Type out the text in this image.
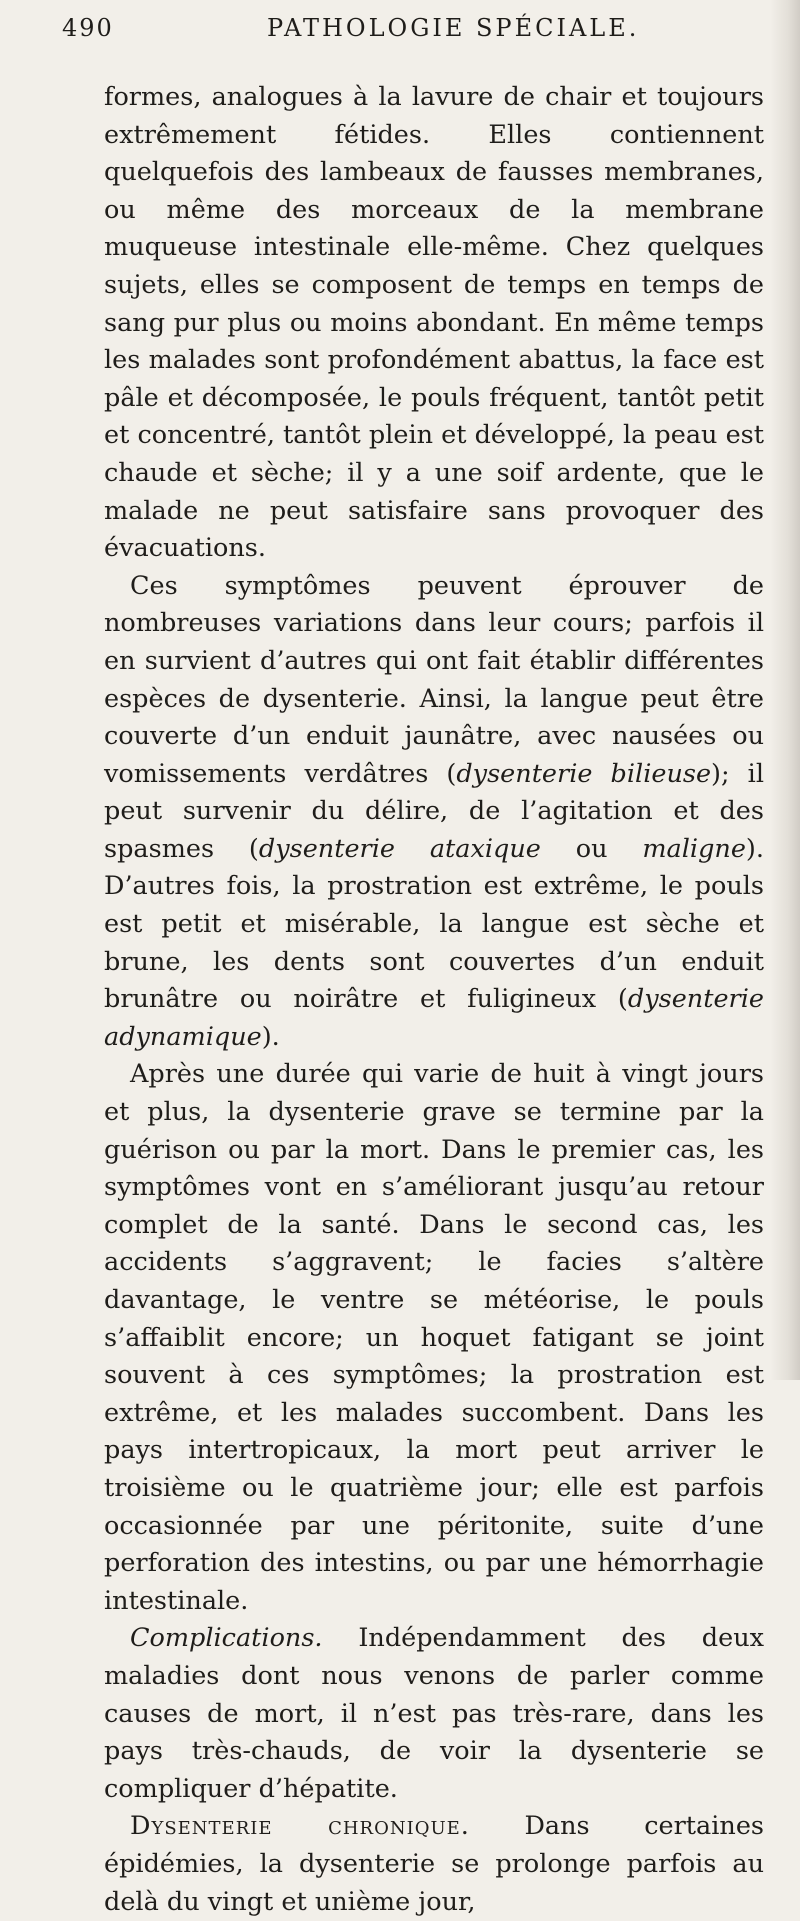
490	PATHOLOGIE SPÉCIALE.

formes, analogues à la lavure de chair et toujours extrêmement fétides. Elles contiennent quelquefois des lambeaux de fausses membranes, ou même des morceaux de la membrane muqueuse intestinale elle-même. Chez quelques sujets, elles se composent de temps en temps de sang pur plus ou moins abondant. En même temps les malades sont profondément abattus, la face est pâle et décomposée, le pouls fréquent, tantôt petit et concentré, tantôt plein et développé, la peau est chaude et sèche; il y a une soif ardente, que le malade ne peut satisfaire sans provoquer des évacuations.

Ces symptômes peuvent éprouver de nombreuses variations dans leur cours; parfois il en survient d’autres qui ont fait établir différentes espèces de dysenterie. Ainsi, la langue peut être couverte d’un enduit jaunâtre, avec nausées ou vomissements verdâtres (dysenterie bilieuse); il peut survenir du délire, de l’agitation et des spasmes (dysenterie ataxique ou maligne). D’autres fois, la prostration est extrême, le pouls est petit et misérable, la langue est sèche et brune, les dents sont couvertes d’un enduit brunâtre ou noirâtre et fuligineux (dysenterie adynamique).

Après une durée qui varie de huit à vingt jours et plus, la dysenterie grave se termine par la guérison ou par la mort. Dans le premier cas, les symptômes vont en s’améliorant jusqu’au retour complet de la santé. Dans le second cas, les accidents s’aggravent; le facies s’altère davantage, le ventre se météorise, le pouls s’affaiblit encore; un hoquet fatigant se joint souvent à ces symptômes; la prostration est extrême, et les malades succombent. Dans les pays intertropicaux, la mort peut arriver le troisième ou le quatrième jour; elle est parfois occasionnée par une péritonite, suite d’une perforation des intestins, ou par une hémorrhagie intestinale.

Complications. Indépendamment des deux maladies dont nous venons de parler comme causes de mort, il n’est pas très-rare, dans les pays très-chauds, de voir la dysenterie se compliquer d’hépatite.

Dysenterie chronique. Dans certaines épidémies, la dysenterie se prolonge parfois au delà du vingt et unième jour,
